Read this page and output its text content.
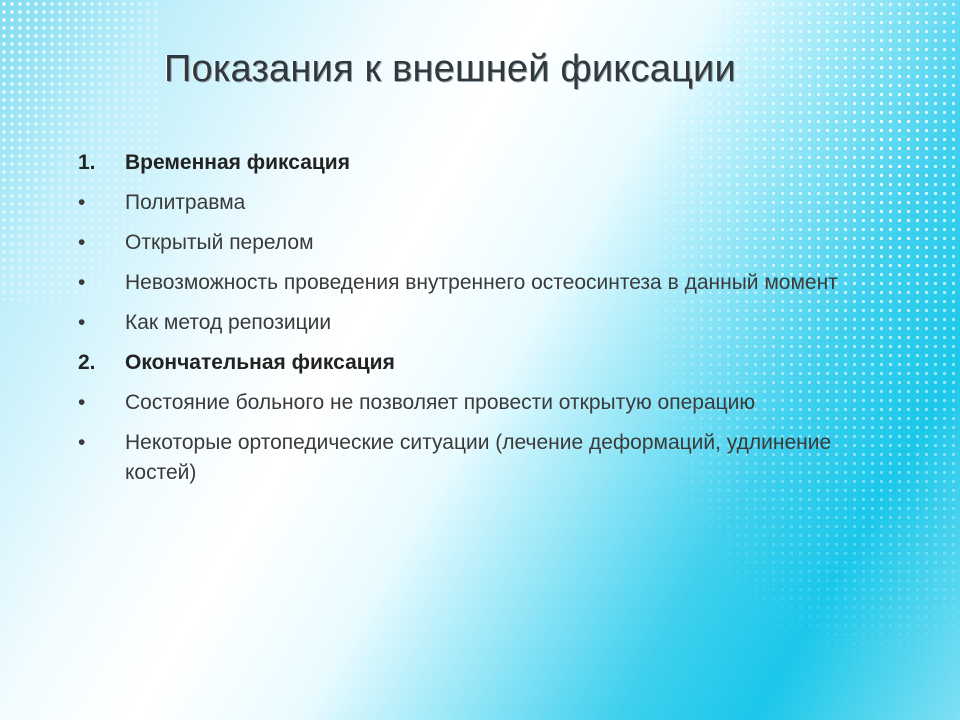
Показания к внешней фиксации
1.	Временная фиксация
•	Политравма
•	Открытый перелом
•	Невозможность проведения внутреннего остеосинтеза в данный момент
•	Как метод репозиции
2.	Окончательная фиксация
•	Состояние больного не позволяет провести открытую операцию
•	Некоторые ортопедические ситуации (лечение деформаций, удлинение костей)
